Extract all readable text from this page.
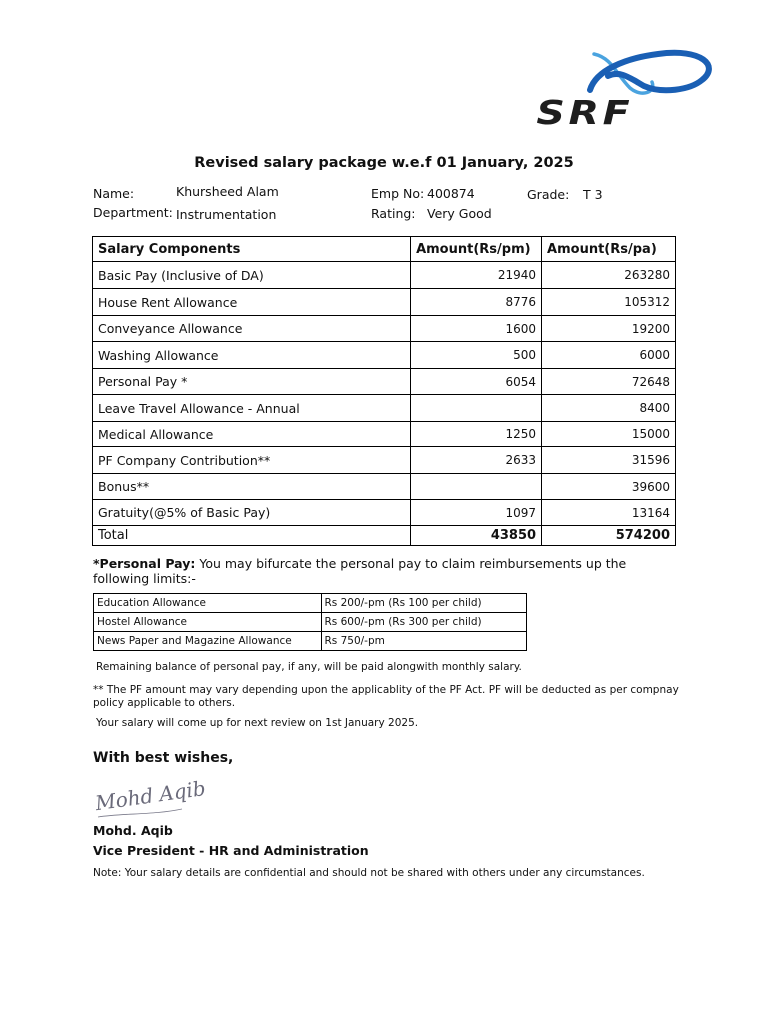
SRF
Revised salary package w.e.f 01 January, 2025
Name:	Khursheed Alam	Emp No: 400874	Grade: T 3
Department: Instrumentation	Rating: Very Good
Salary Components	Amount(Rs/pm)	Amount(Rs/pa)
Basic Pay (Inclusive of DA)	21940	263280
House Rent Allowance	8776	105312
Conveyance Allowance	1600	19200
Washing Allowance	500	6000
Personal Pay *	6054	72648
Leave Travel Allowance - Annual		8400
Medical Allowance	1250	15000
PF Company Contribution**	2633	31596
Bonus**		39600
Gratuity(@5% of Basic Pay)	1097	13164
Total	43850	574200
*Personal Pay: You may bifurcate the personal pay to claim reimbursements up the following limits:-
Education Allowance	Rs 200/-pm (Rs 100 per child)
Hostel Allowance	Rs 600/-pm (Rs 300 per child)
News Paper and Magazine Allowance	Rs 750/-pm
Remaining balance of personal pay, if any, will be paid alongwith monthly salary.
** The PF amount may vary depending upon the applicablity of the PF Act. PF will be deducted as per compnay policy applicable to others.
Your salary will come up for next review on 1st January 2025.
With best wishes,
Mohd Aqib
Mohd. Aqib
Vice President - HR and Administration
Note: Your salary details are confidential and should not be shared with others under any circumstances.
